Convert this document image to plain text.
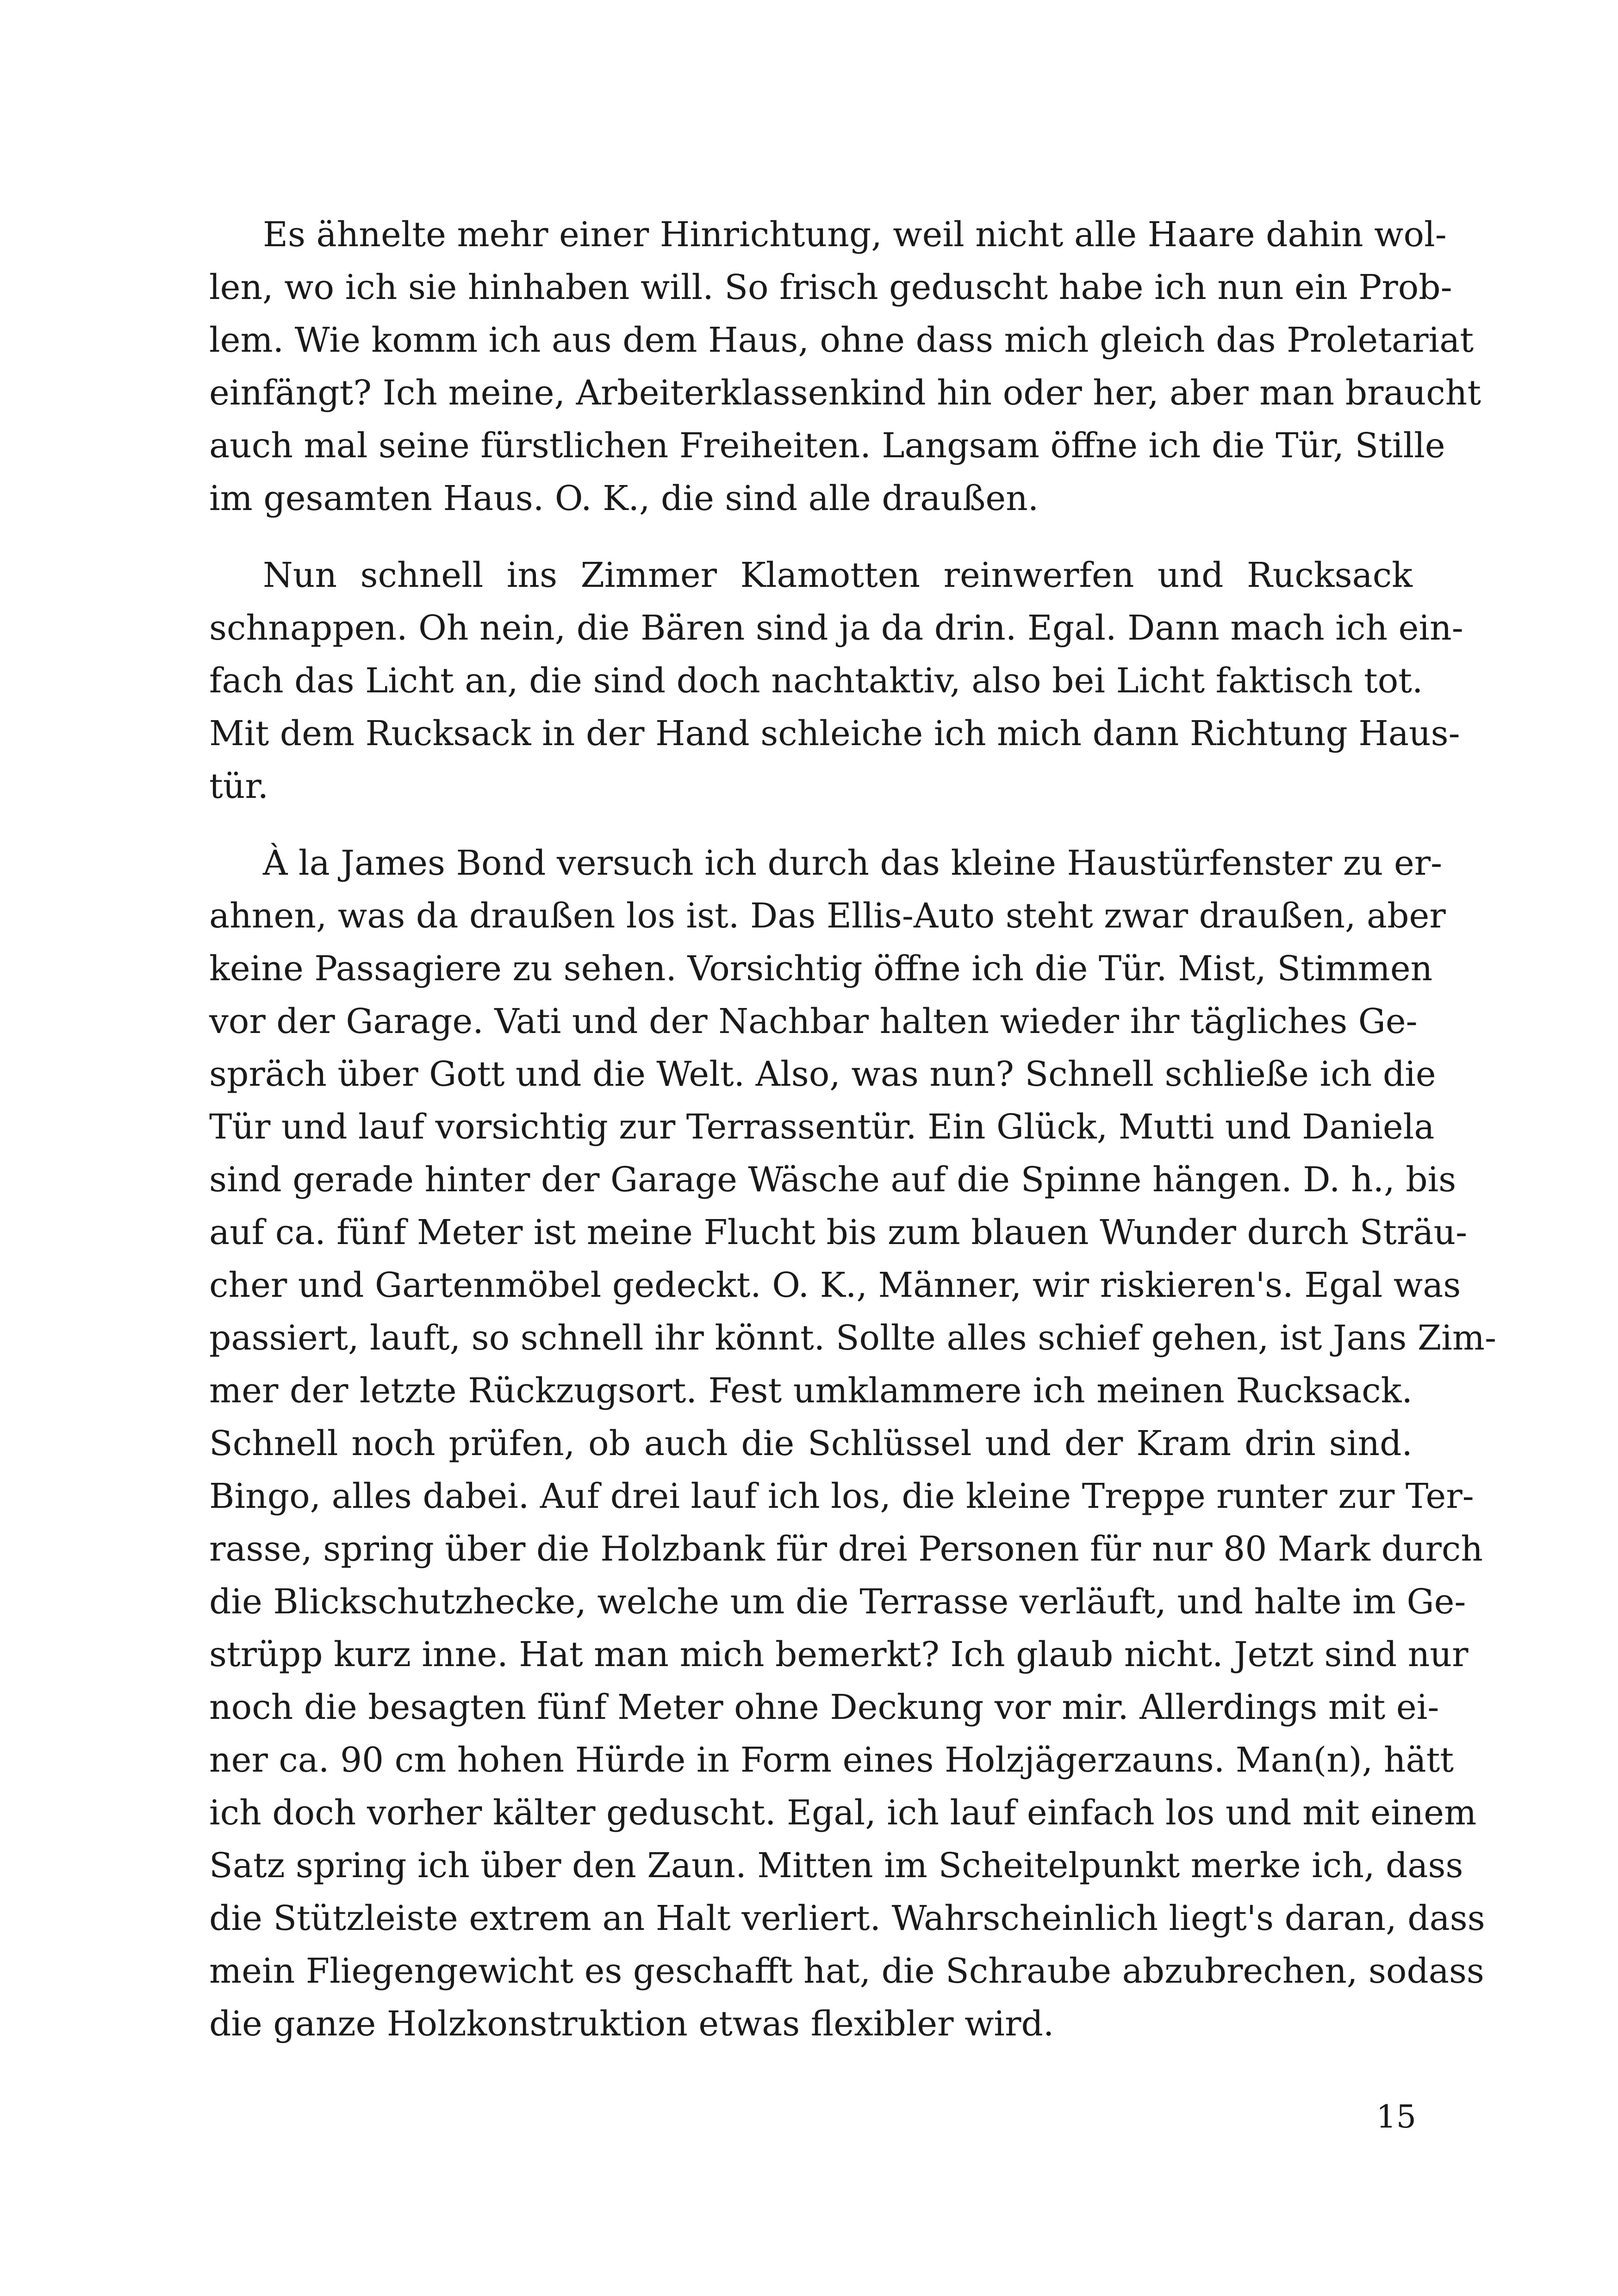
Es ähnelte mehr einer Hinrichtung, weil nicht alle Haare dahin wol-
len, wo ich sie hinhaben will. So frisch geduscht habe ich nun ein Prob-
lem. Wie komm ich aus dem Haus, ohne dass mich gleich das Proletariat
einfängt? Ich meine, Arbeiterklassenkind hin oder her, aber man braucht
auch mal seine fürstlichen Freiheiten. Langsam öffne ich die Tür, Stille
im gesamten Haus. O. K., die sind alle draußen.
Nun schnell ins Zimmer Klamotten reinwerfen und Rucksack
schnappen. Oh nein, die Bären sind ja da drin. Egal. Dann mach ich ein-
fach das Licht an, die sind doch nachtaktiv, also bei Licht faktisch tot.
Mit dem Rucksack in der Hand schleiche ich mich dann Richtung Haus-
tür.
À la James Bond versuch ich durch das kleine Haustürfenster zu er-
ahnen, was da draußen los ist. Das Ellis-Auto steht zwar draußen, aber
keine Passagiere zu sehen. Vorsichtig öffne ich die Tür. Mist, Stimmen
vor der Garage. Vati und der Nachbar halten wieder ihr tägliches Ge-
spräch über Gott und die Welt. Also, was nun? Schnell schließe ich die
Tür und lauf vorsichtig zur Terrassentür. Ein Glück, Mutti und Daniela
sind gerade hinter der Garage Wäsche auf die Spinne hängen. D. h., bis
auf ca. fünf Meter ist meine Flucht bis zum blauen Wunder durch Sträu-
cher und Gartenmöbel gedeckt. O. K., Männer, wir riskieren's. Egal was
passiert, lauft, so schnell ihr könnt. Sollte alles schief gehen, ist Jans Zim-
mer der letzte Rückzugsort. Fest umklammere ich meinen Rucksack.
Schnell noch prüfen, ob auch die Schlüssel und der Kram drin sind.
Bingo, alles dabei. Auf drei lauf ich los, die kleine Treppe runter zur Ter-
rasse, spring über die Holzbank für drei Personen für nur 80 Mark durch
die Blickschutzhecke, welche um die Terrasse verläuft, und halte im Ge-
strüpp kurz inne. Hat man mich bemerkt? Ich glaub nicht. Jetzt sind nur
noch die besagten fünf Meter ohne Deckung vor mir. Allerdings mit ei-
ner ca. 90 cm hohen Hürde in Form eines Holzjägerzauns. Man(n), hätt
ich doch vorher kälter geduscht. Egal, ich lauf einfach los und mit einem
Satz spring ich über den Zaun. Mitten im Scheitelpunkt merke ich, dass
die Stützleiste extrem an Halt verliert. Wahrscheinlich liegt's daran, dass
mein Fliegengewicht es geschafft hat, die Schraube abzubrechen, sodass
die ganze Holzkonstruktion etwas flexibler wird.
15
